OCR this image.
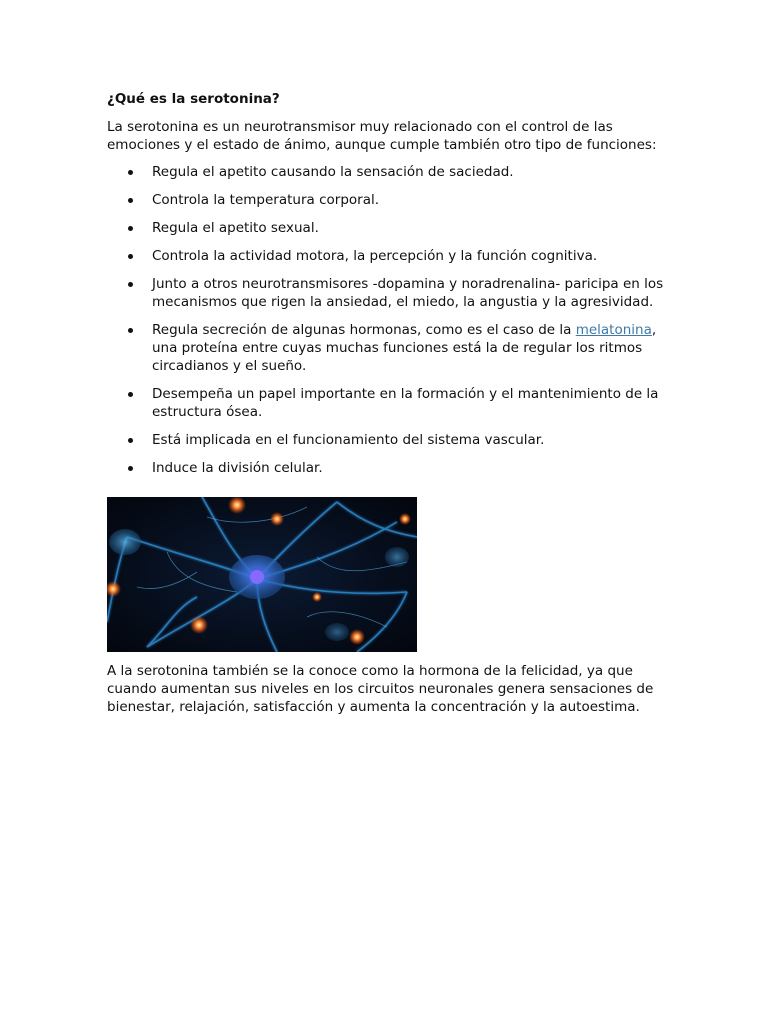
¿Qué es la serotonina?

La serotonina es un neurotransmisor muy relacionado con el control de las emociones y el estado de ánimo, aunque cumple también otro tipo de funciones:

Regula el apetito causando la sensación de saciedad.
Controla la temperatura corporal.
Regula el apetito sexual.
Controla la actividad motora, la percepción y la función cognitiva.
Junto a otros neurotransmisores -dopamina y noradrenalina- paricipa en los mecanismos que rigen la ansiedad, el miedo, la angustia y la agresividad.
Regula secreción de algunas hormonas, como es el caso de la melatonina, una proteína entre cuyas muchas funciones está la de regular los ritmos circadianos y el sueño.
Desempeña un papel importante en la formación y el mantenimiento de la estructura ósea.
Está implicada en el funcionamiento del sistema vascular.
Induce la división celular.

A la serotonina también se la conoce como la hormona de la felicidad, ya que cuando aumentan sus niveles en los circuitos neuronales genera sensaciones de bienestar, relajación, satisfacción y aumenta la concentración y la autoestima.
